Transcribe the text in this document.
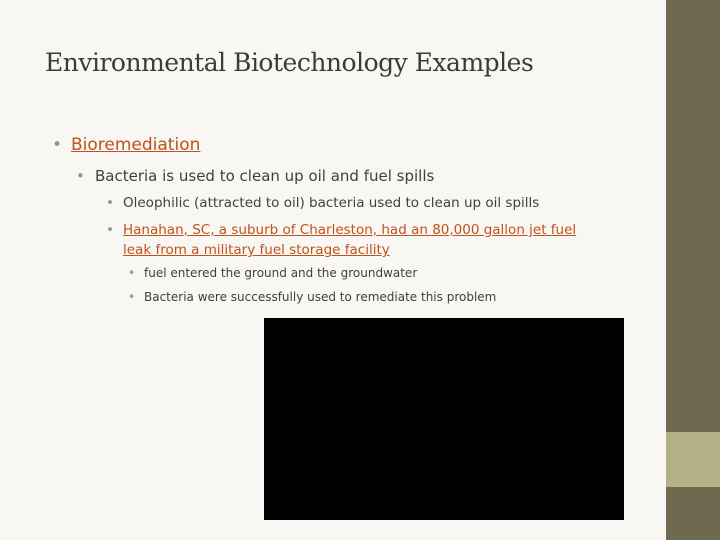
Environmental Biotechnology Examples
• Bioremediation
• Bacteria is used to clean up oil and fuel spills
• Oleophilic (attracted to oil) bacteria used to clean up oil spills
• Hanahan, SC, a suburb of Charleston, had an 80,000 gallon jet fuel
leak from a military fuel storage facility
• fuel entered the ground and the groundwater
• Bacteria were successfully used to remediate this problem
